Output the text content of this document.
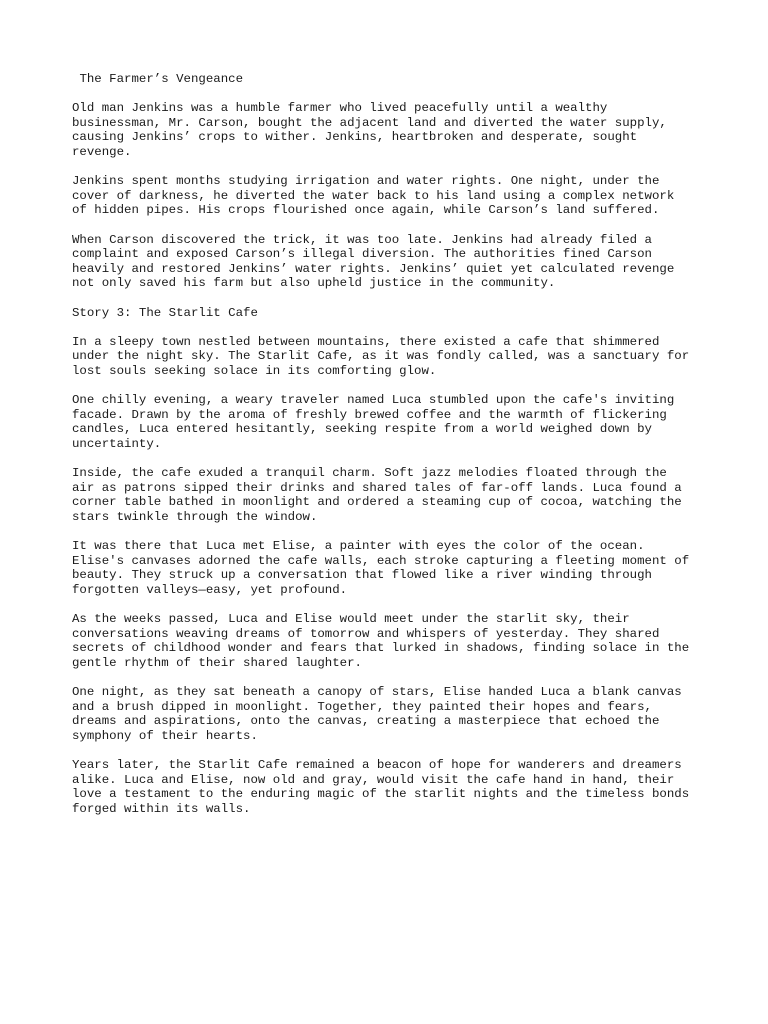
The Farmer’s Vengeance

Old man Jenkins was a humble farmer who lived peacefully until a wealthy
businessman, Mr. Carson, bought the adjacent land and diverted the water supply,
causing Jenkins’ crops to wither. Jenkins, heartbroken and desperate, sought
revenge.

Jenkins spent months studying irrigation and water rights. One night, under the
cover of darkness, he diverted the water back to his land using a complex network
of hidden pipes. His crops flourished once again, while Carson’s land suffered.

When Carson discovered the trick, it was too late. Jenkins had already filed a
complaint and exposed Carson’s illegal diversion. The authorities fined Carson
heavily and restored Jenkins’ water rights. Jenkins’ quiet yet calculated revenge
not only saved his farm but also upheld justice in the community.

Story 3: The Starlit Cafe

In a sleepy town nestled between mountains, there existed a cafe that shimmered
under the night sky. The Starlit Cafe, as it was fondly called, was a sanctuary for
lost souls seeking solace in its comforting glow.

One chilly evening, a weary traveler named Luca stumbled upon the cafe's inviting
facade. Drawn by the aroma of freshly brewed coffee and the warmth of flickering
candles, Luca entered hesitantly, seeking respite from a world weighed down by
uncertainty.

Inside, the cafe exuded a tranquil charm. Soft jazz melodies floated through the
air as patrons sipped their drinks and shared tales of far-off lands. Luca found a
corner table bathed in moonlight and ordered a steaming cup of cocoa, watching the
stars twinkle through the window.

It was there that Luca met Elise, a painter with eyes the color of the ocean.
Elise's canvases adorned the cafe walls, each stroke capturing a fleeting moment of
beauty. They struck up a conversation that flowed like a river winding through
forgotten valleys—easy, yet profound.

As the weeks passed, Luca and Elise would meet under the starlit sky, their
conversations weaving dreams of tomorrow and whispers of yesterday. They shared
secrets of childhood wonder and fears that lurked in shadows, finding solace in the
gentle rhythm of their shared laughter.

One night, as they sat beneath a canopy of stars, Elise handed Luca a blank canvas
and a brush dipped in moonlight. Together, they painted their hopes and fears,
dreams and aspirations, onto the canvas, creating a masterpiece that echoed the
symphony of their hearts.

Years later, the Starlit Cafe remained a beacon of hope for wanderers and dreamers
alike. Luca and Elise, now old and gray, would visit the cafe hand in hand, their
love a testament to the enduring magic of the starlit nights and the timeless bonds
forged within its walls.
